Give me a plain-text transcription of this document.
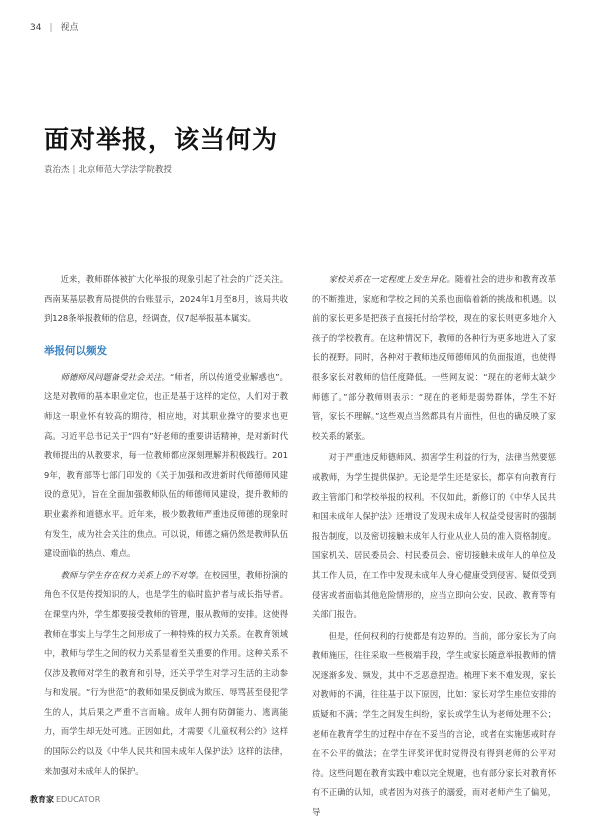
34 | 视点
面对举报，该当何为
袁治杰 | 北京师范大学法学院教授

近来，教师群体被扩大化举报的现象引起了社会的广泛关注。西南某基层教育局提供的台账显示，2024年1月至8月，该局共收到128条举报教师的信息，经调查，仅7起举报基本属实。

举报何以频发

师德师风问题备受社会关注。“师者，所以传道受业解惑也”。这是对教师的基本职业定位，也正是基于这样的定位，人们对于教师这一职业怀有较高的期待，相应地，对其职业操守的要求也更高。习近平总书记关于“四有”好老师的重要讲话精神，是对新时代教师提出的从教要求，每一位教师都应深刻理解并积极践行。2019年，教育部等七部门印发的《关于加强和改进新时代师德师风建设的意见》，旨在全面加强教师队伍的师德师风建设，提升教师的职业素养和道德水平。近年来，极少数教师严重违反师德的现象时有发生，成为社会关注的焦点。可以说，师德之痛仍然是教师队伍建设面临的热点、难点。

教师与学生存在权力关系上的不对等。在校园里，教师扮演的角色不仅是传授知识的人，也是学生的临时监护者与成长指导者。在课堂内外，学生都要接受教师的管理，服从教师的安排。这使得教师在事实上与学生之间形成了一种特殊的权力关系。在教育领域中，教师与学生之间的权力关系显着至关重要的作用。这种关系不仅涉及教师对学生的教育和引导，还关乎学生对学习生活的主动参与和发展。“行为世范”的教师如果反倒成为欺压、辱骂甚至侵犯学生的人，其后果之严重不言而喻。成年人拥有防御能力、逃离能力，而学生却无处可逃。正因如此，才需要《儿童权利公约》这样的国际公约以及《中华人民共和国未成年人保护法》这样的法律，来加强对未成年人的保护。

家校关系在一定程度上发生异化。随着社会的进步和教育改革的不断推进，家庭和学校之间的关系也面临着新的挑战和机遇。以前的家长更多是把孩子直接托付给学校，现在的家长则更多地介入孩子的学校教育。在这种情况下，教师的各种行为更多地进入了家长的视野。同时，各种对于教师违反师德师风的负面报道，也使得很多家长对教师的信任度降低。一些网友说：“现在的老师太缺少师德了。”部分教师则表示：“现在的老师是弱势群体，学生不好管，家长不理解。”这些观点当然都具有片面性，但也的确反映了家校关系的紧张。

对于严重违反师德师风、损害学生利益的行为，法律当然要惩戒教师，为学生提供保护。无论是学生还是家长，都享有向教育行政主管部门和学校举报的权利。不仅如此，新修订的《中华人民共和国未成年人保护法》还增设了发现未成年人权益受侵害时的强制报告制度，以及密切接触未成年人行业从业人员的准入资格制度。国家机关、居民委员会、村民委员会、密切接触未成年人的单位及其工作人员，在工作中发现未成年人身心健康受到侵害、疑似受到侵害或者面临其他危险情形的，应当立即向公安、民政、教育等有关部门报告。

但是，任何权利的行使都是有边界的。当前，部分家长为了向教师施压，往往采取一些极端手段，学生或家长随意举报教师的情况逐渐多发、频发，其中不乏恶意捏造。梳理下来不难发现，家长对教师的不满，往往基于以下原因，比如：家长对学生座位安排的质疑和不满；学生之间发生纠纷，家长或学生认为老师处理不公；老师在教育学生的过程中存在不妥当的言论，或者在实施惩戒时存在不公平的做法；在学生评奖评优时觉得没有得到老师的公平对待。这些问题在教育实践中难以完全规避，也有部分家长对教育怀有不正确的认知，或者因为对孩子的溺爱，而对老师产生了偏见，导

教育家 EDUCATOR
